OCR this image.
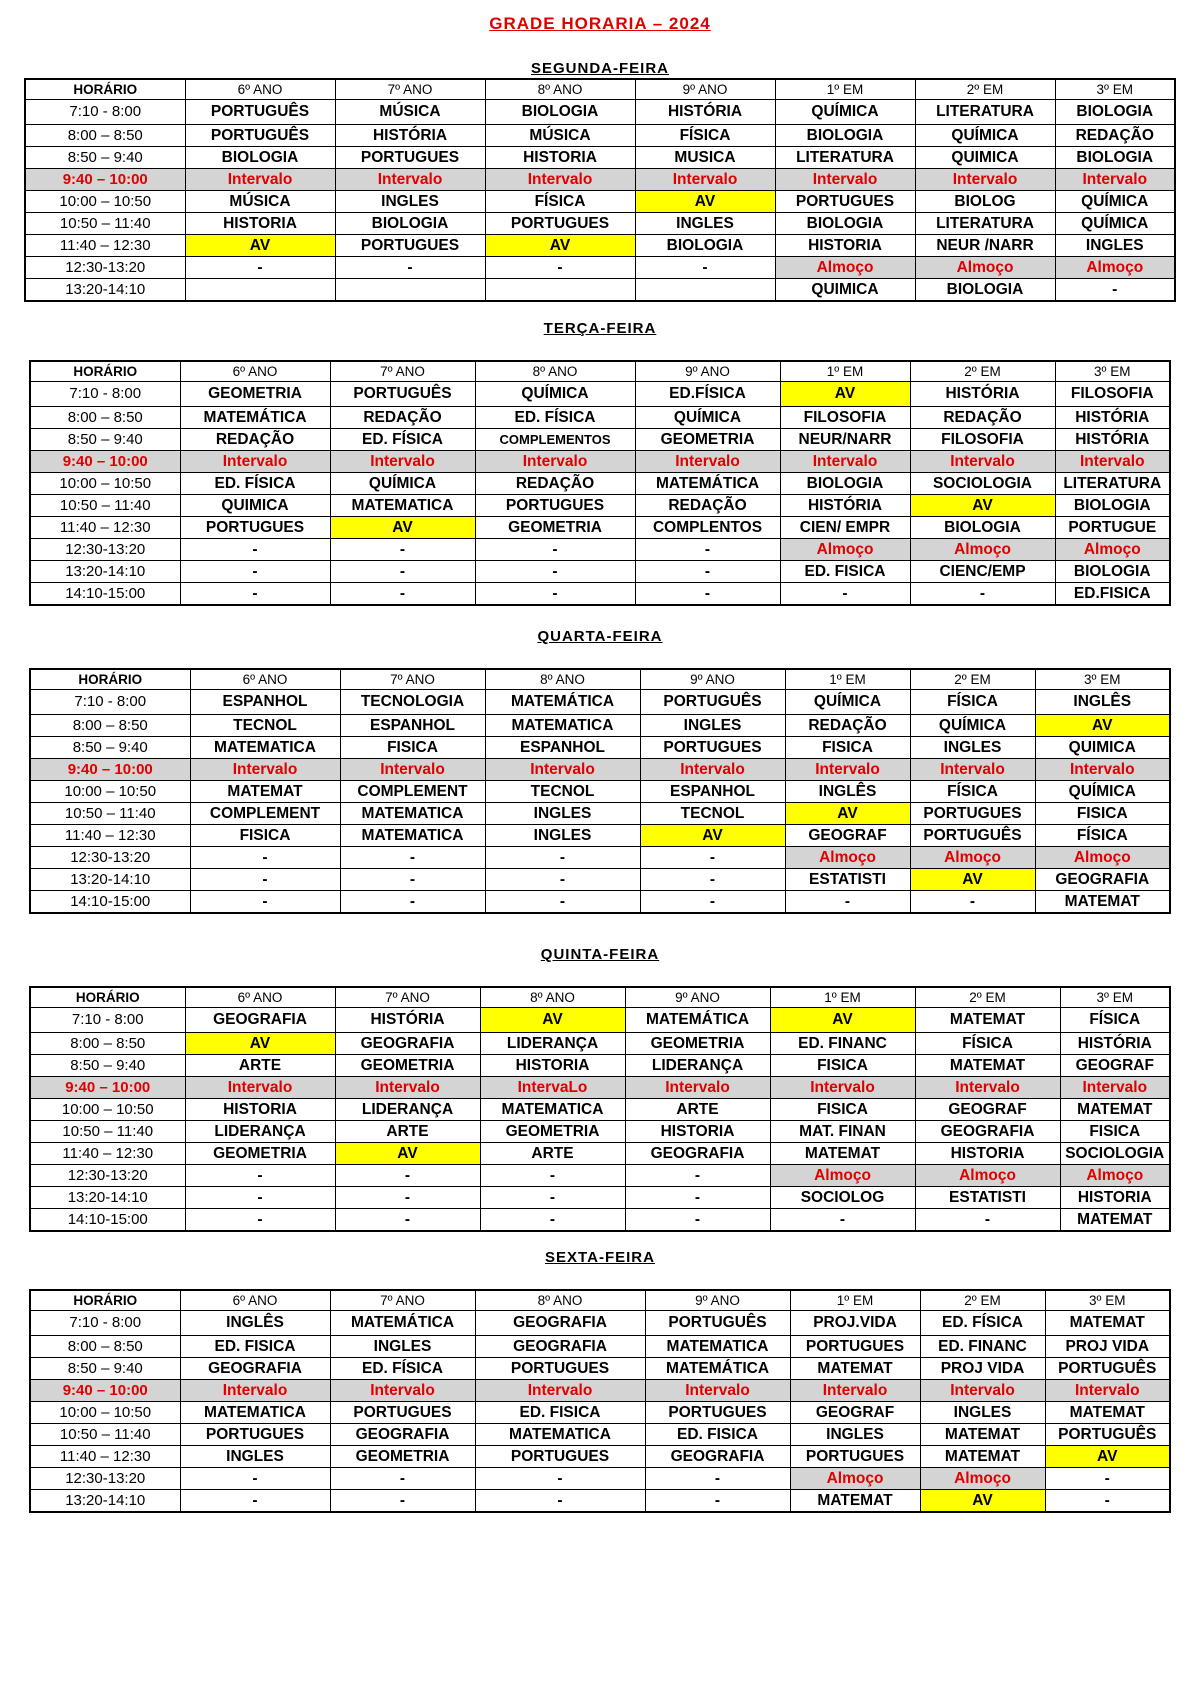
GRADE HORARIA – 2024
SEGUNDA-FEIRA
HORÁRIO	6º ANO	7º ANO	8º ANO	9º ANO	1º EM	2º EM	3º EM
7:10 - 8:00	PORTUGUÊS	MÚSICA	BIOLOGIA	HISTÓRIA	QUÍMICA	LITERATURA	BIOLOGIA
8:00 – 8:50	PORTUGUÊS	HISTÓRIA	MÚSICA	FÍSICA	BIOLOGIA	QUÍMICA	REDAÇÃO
8:50 – 9:40	BIOLOGIA	PORTUGUES	HISTORIA	MUSICA	LITERATURA	QUIMICA	BIOLOGIA
9:40 – 10:00	Intervalo	Intervalo	Intervalo	Intervalo	Intervalo	Intervalo	Intervalo
10:00 – 10:50	MÚSICA	INGLES	FÍSICA	AV	PORTUGUES	BIOLOG	QUÍMICA
10:50 – 11:40	HISTORIA	BIOLOGIA	PORTUGUES	INGLES	BIOLOGIA	LITERATURA	QUÍMICA
11:40 – 12:30	AV	PORTUGUES	AV	BIOLOGIA	HISTORIA	NEUR /NARR	INGLES
12:30-13:20	-	-	-	-	Almoço	Almoço	Almoço
13:20-14:10					QUIMICA	BIOLOGIA	-
TERÇA-FEIRA
HORÁRIO	6º ANO	7º ANO	8º ANO	9º ANO	1º EM	2º EM	3º EM
7:10 - 8:00	GEOMETRIA	PORTUGUÊS	QUÍMICA	ED.FÍSICA	AV	HISTÓRIA	FILOSOFIA
8:00 – 8:50	MATEMÁTICA	REDAÇÃO	ED. FÍSICA	QUÍMICA	FILOSOFIA	REDAÇÃO	HISTÓRIA
8:50 – 9:40	REDAÇÃO	ED. FÍSICA	COMPLEMENTOS	GEOMETRIA	NEUR/NARR	FILOSOFIA	HISTÓRIA
9:40 – 10:00	Intervalo	Intervalo	Intervalo	Intervalo	Intervalo	Intervalo	Intervalo
10:00 – 10:50	ED. FÍSICA	QUÍMICA	REDAÇÃO	MATEMÁTICA	BIOLOGIA	SOCIOLOGIA	LITERATURA
10:50 – 11:40	QUIMICA	MATEMATICA	PORTUGUES	REDAÇÃO	HISTÓRIA	AV	BIOLOGIA
11:40 – 12:30	PORTUGUES	AV	GEOMETRIA	COMPLENTOS	CIEN/ EMPR	BIOLOGIA	PORTUGUE
12:30-13:20	-	-	-	-	Almoço	Almoço	Almoço
13:20-14:10	-	-	-	-	ED. FISICA	CIENC/EMP	BIOLOGIA
14:10-15:00	-	-	-	-	-	-	ED.FISICA
QUARTA-FEIRA
HORÁRIO	6º ANO	7º ANO	8º ANO	9º ANO	1º EM	2º EM	3º EM
7:10 - 8:00	ESPANHOL	TECNOLOGIA	MATEMÁTICA	PORTUGUÊS	QUÍMICA	FÍSICA	INGLÊS
8:00 – 8:50	TECNOL	ESPANHOL	MATEMATICA	INGLES	REDAÇÃO	QUÍMICA	AV
8:50 – 9:40	MATEMATICA	FISICA	ESPANHOL	PORTUGUES	FISICA	INGLES	QUIMICA
9:40 – 10:00	Intervalo	Intervalo	Intervalo	Intervalo	Intervalo	Intervalo	Intervalo
10:00 – 10:50	MATEMAT	COMPLEMENT	TECNOL	ESPANHOL	INGLÊS	FÍSICA	QUÍMICA
10:50 – 11:40	COMPLEMENT	MATEMATICA	INGLES	TECNOL	AV	PORTUGUES	FISICA
11:40 – 12:30	FISICA	MATEMATICA	INGLES	AV	GEOGRAF	PORTUGUÊS	FÍSICA
12:30-13:20	-	-	-	-	Almoço	Almoço	Almoço
13:20-14:10	-	-	-	-	ESTATISTI	AV	GEOGRAFIA
14:10-15:00	-	-	-	-	-	-	MATEMAT
QUINTA-FEIRA
HORÁRIO	6º ANO	7º ANO	8º ANO	9º ANO	1º EM	2º EM	3º EM
7:10 - 8:00	GEOGRAFIA	HISTÓRIA	AV	MATEMÁTICA	AV	MATEMAT	FÍSICA
8:00 – 8:50	AV	GEOGRAFIA	LIDERANÇA	GEOMETRIA	ED. FINANC	FÍSICA	HISTÓRIA
8:50 – 9:40	ARTE	GEOMETRIA	HISTORIA	LIDERANÇA	FISICA	MATEMAT	GEOGRAF
9:40 – 10:00	Intervalo	Intervalo	IntervaLo	Intervalo	Intervalo	Intervalo	Intervalo
10:00 – 10:50	HISTORIA	LIDERANÇA	MATEMATICA	ARTE	FISICA	GEOGRAF	MATEMAT
10:50 – 11:40	LIDERANÇA	ARTE	GEOMETRIA	HISTORIA	MAT. FINAN	GEOGRAFIA	FISICA
11:40 – 12:30	GEOMETRIA	AV	ARTE	GEOGRAFIA	MATEMAT	HISTORIA	SOCIOLOGIA
12:30-13:20	-	-	-	-	Almoço	Almoço	Almoço
13:20-14:10	-	-	-	-	SOCIOLOG	ESTATISTI	HISTORIA
14:10-15:00	-	-	-	-	-	-	MATEMAT
SEXTA-FEIRA
HORÁRIO	6º ANO	7º ANO	8º ANO	9º ANO	1º EM	2º EM	3º EM
7:10 - 8:00	INGLÊS	MATEMÁTICA	GEOGRAFIA	PORTUGUÊS	PROJ.VIDA	ED. FÍSICA	MATEMAT
8:00 – 8:50	ED. FISICA	INGLES	GEOGRAFIA	MATEMATICA	PORTUGUES	ED. FINANC	PROJ VIDA
8:50 – 9:40	GEOGRAFIA	ED. FÍSICA	PORTUGUES	MATEMÁTICA	MATEMAT	PROJ VIDA	PORTUGUÊS
9:40 – 10:00	Intervalo	Intervalo	Intervalo	Intervalo	Intervalo	Intervalo	Intervalo
10:00 – 10:50	MATEMATICA	PORTUGUES	ED. FISICA	PORTUGUES	GEOGRAF	INGLES	MATEMAT
10:50 – 11:40	PORTUGUES	GEOGRAFIA	MATEMATICA	ED. FISICA	INGLES	MATEMAT	PORTUGUÊS
11:40 – 12:30	INGLES	GEOMETRIA	PORTUGUES	GEOGRAFIA	PORTUGUES	MATEMAT	AV
12:30-13:20	-	-	-	-	Almoço	Almoço	-
13:20-14:10	-	-	-	-	MATEMAT	AV	-
